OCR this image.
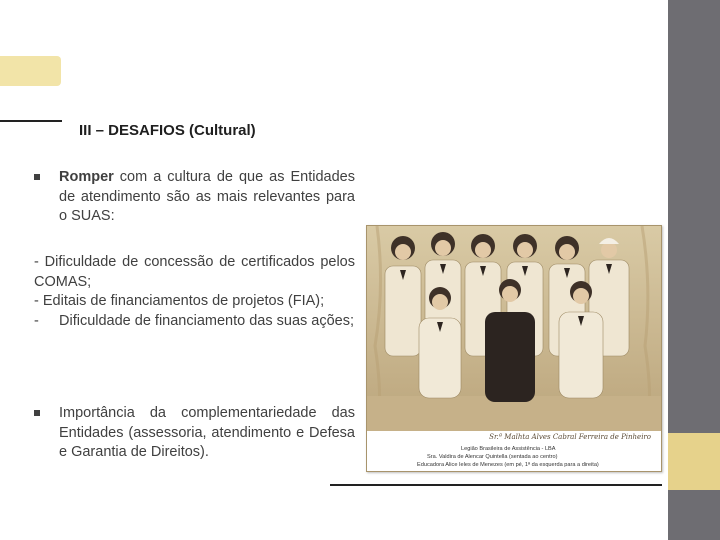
III – DESAFIOS (Cultural)
Romper com a cultura de que as Entidades de atendimento são as mais relevantes para o SUAS:
- Dificuldade de concessão de certificados pelos COMAS;
- Editais de financiamentos de projetos (FIA);
- Dificuldade de financiamento das suas ações;
Importância da complementariedade das Entidades (assessoria, atendimento e Defesa e Garantia de Direitos).
Sr.ª Malhta Alves Cabral Ferreira de Pinheiro
Legião Brasileira de Assistência - LBA
Sra. Valdira de Alencar Quintella (sentada ao centro)
Educadora Alice Ieles de Menezes (em pé, 1ª da esquerda para a direita)
